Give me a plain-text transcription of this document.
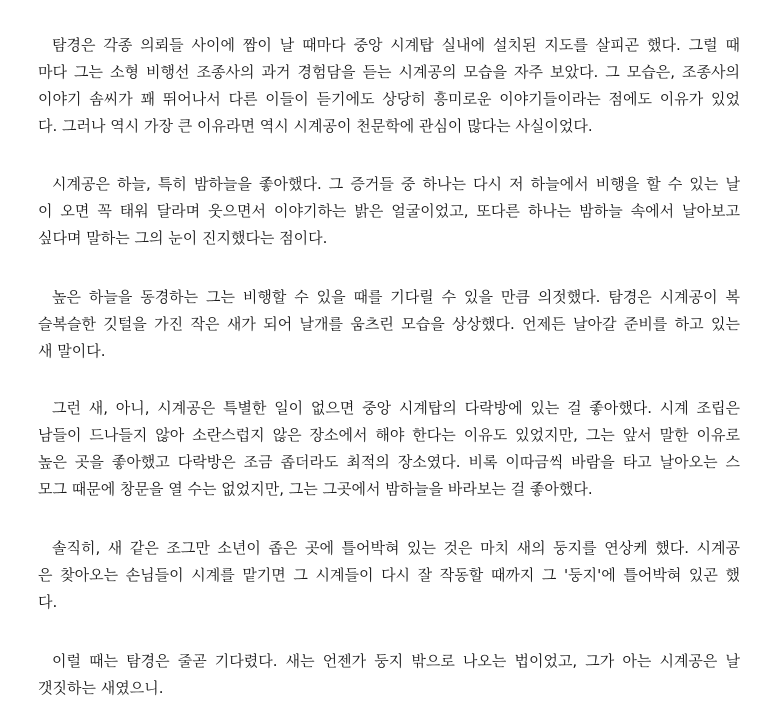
탐경은 각종 의뢰들 사이에 짬이 날 때마다 중앙 시계탑 실내에 설치된 지도를 살피곤 했다. 그럴 때
마다 그는 소형 비행선 조종사의 과거 경험담을 듣는 시계공의 모습을 자주 보았다. 그 모습은, 조종사의
이야기 솜씨가 꽤 뛰어나서 다른 이들이 듣기에도 상당히 흥미로운 이야기들이라는 점에도 이유가 있었
다. 그러나 역시 가장 큰 이유라면 역시 시계공이 천문학에 관심이 많다는 사실이었다.
시계공은 하늘, 특히 밤하늘을 좋아했다. 그 증거들 중 하나는 다시 저 하늘에서 비행을 할 수 있는 날
이 오면 꼭 태워 달라며 웃으면서 이야기하는 밝은 얼굴이었고, 또다른 하나는 밤하늘 속에서 날아보고
싶다며 말하는 그의 눈이 진지했다는 점이다.
높은 하늘을 동경하는 그는 비행할 수 있을 때를 기다릴 수 있을 만큼 의젓했다. 탐경은 시계공이 복
슬복슬한 깃털을 가진 작은 새가 되어 날개를 움츠린 모습을 상상했다. 언제든 날아갈 준비를 하고 있는
새 말이다.
그런 새, 아니, 시계공은 특별한 일이 없으면 중앙 시계탑의 다락방에 있는 걸 좋아했다. 시계 조립은
남들이 드나들지 않아 소란스럽지 않은 장소에서 해야 한다는 이유도 있었지만, 그는 앞서 말한 이유로
높은 곳을 좋아했고 다락방은 조금 좁더라도 최적의 장소였다. 비록 이따금씩 바람을 타고 날아오는 스
모그 때문에 창문을 열 수는 없었지만, 그는 그곳에서 밤하늘을 바라보는 걸 좋아했다.
솔직히, 새 같은 조그만 소년이 좁은 곳에 틀어박혀 있는 것은 마치 새의 둥지를 연상케 했다. 시계공
은 찾아오는 손님들이 시계를 맡기면 그 시계들이 다시 잘 작동할 때까지 그 '둥지'에 틀어박혀 있곤 했
다.
이럴 때는 탐경은 줄곧 기다렸다. 새는 언젠가 둥지 밖으로 나오는 법이었고, 그가 아는 시계공은 날
갯짓하는 새였으니.
